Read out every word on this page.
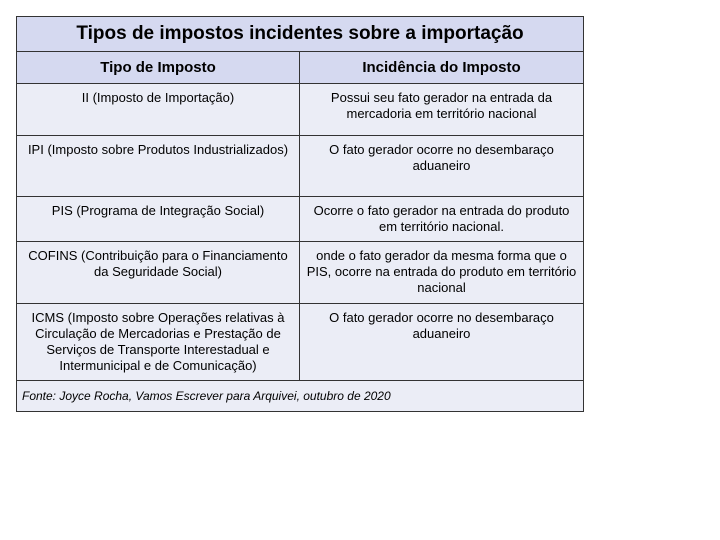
Tipos de impostos incidentes sobre a importação	
Tipo de Imposto	Incidência do Imposto
II (Imposto de Importação)	Possui seu fato gerador na entrada da mercadoria em território nacional
IPI (Imposto sobre Produtos Industrializados)	O fato gerador ocorre no desembaraço aduaneiro
PIS (Programa de Integração Social)	Ocorre o fato gerador na entrada do produto em território nacional.
COFINS (Contribuição para o Financiamento da Seguridade Social)	onde o fato gerador da mesma forma que o PIS, ocorre na entrada do produto em território nacional
ICMS (Imposto sobre Operações relativas à Circulação de Mercadorias e Prestação de Serviços de Transporte Interestadual e Intermunicipal e de Comunicação)	O fato gerador ocorre no desembaraço aduaneiro
Fonte: Joyce Rocha, Vamos Escrever para Arquivei, outubro de 2020	
